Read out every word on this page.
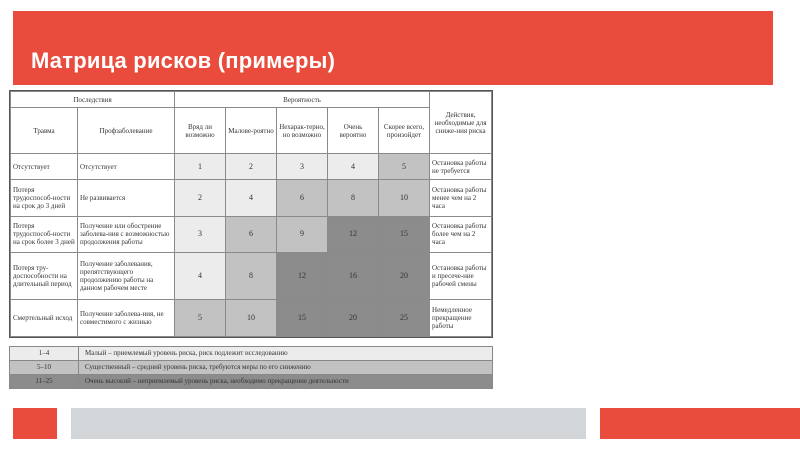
Матрица рисков (примеры)
Последствия		Вероятность					Действия, необходимые для сниже-ния риска
Травма	Профзаболевание	Вряд ли возможно	Малове-роятно	Нехарак-терно, но возможно	Очень вероятно	Скорее всего, произойдет	
Отсутствует	Отсутствует	1	2	3	4	5	Остановка работы не требуется
Потеря трудоспособ-ности на срок до 3 дней	Не развивается	2	4	6	8	10	Остановка работы менее чем на 2 часа
Потеря трудоспособ-ности на срок более 3 дней	Получение или обострение заболева-ния с возможностью продолжения работы	3	6	9	12	15	Остановка работы более чем на 2 часа
Потеря тру-доспособности на длительный период	Получение заболевания, препятствующего продолжению работы на данном рабочем месте	4	8	12	16	20	Остановка работы и пресече-ние рабочей смены
Смертельный исход	Получение заболева-ния, не совместимого с жизнью	5	10	15	20	25	Немедленное прекращение работы
1–4	Малый – приемлемый уровень риска, риск подлежит исследованию
5–10	Существенный – средний уровень риска, требуются меры по его снижению
11–25	Очень высокий – неприемлемый уровень риска, необходимо прекращение деятельности
